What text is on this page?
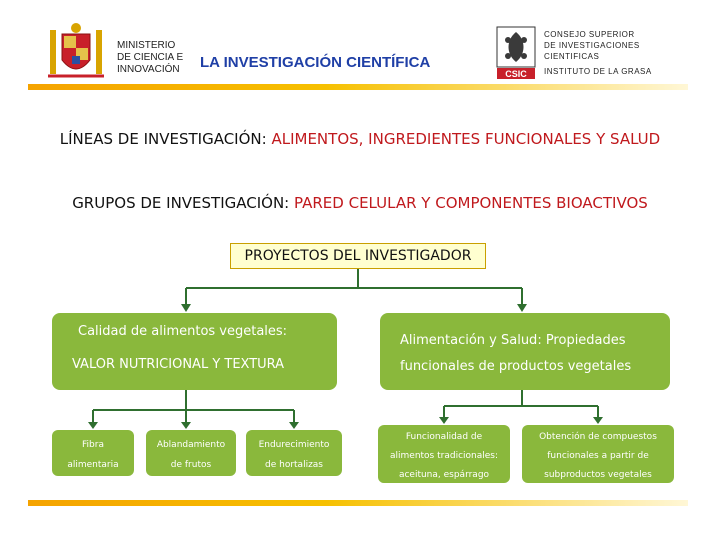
MINISTERIO
DE CIENCIA E
INNOVACIÓN LA INVESTIGACIÓN CIENTÍFICA
CSIC
CONSEJO SUPERIOR
DE INVESTIGACIONES
CIENTIFICAS
INSTITUTO DE LA GRASA
LÍNEAS DE INVESTIGACIÓN: ALIMENTOS, INGREDIENTES FUNCIONALES Y SALUD
GRUPOS DE INVESTIGACIÓN: PARED CELULAR Y COMPONENTES BIOACTIVOS
PROYECTOS DEL INVESTIGADOR
Calidad de alimentos vegetales:
VALOR NUTRICIONAL Y TEXTURA
Alimentación y Salud: Propiedades
funcionales de productos vegetales
Fibra
alimentaria
Ablandamiento
de frutos
Endurecimiento
de hortalizas
Funcionalidad de
alimentos tradicionales:
aceituna, espárrago
Obtención de compuestos
funcionales a partir de
subproductos vegetales
